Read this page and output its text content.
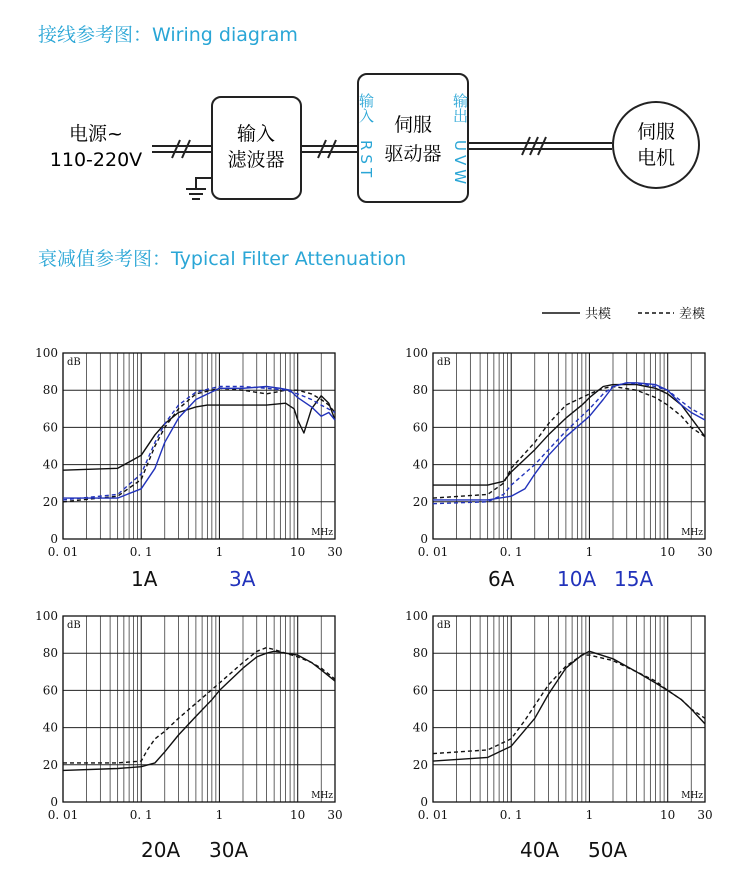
接线参考图：Wiring diagram
衰减值参考图：Typical Filter Attenuation
电源~
110-220V
输入
滤波器
伺服
驱动器
输入
RST
输出
UVW
伺服
电机
共模	差模
0
20
40
60
80
100
0. 01	0. 1	1	10 30
dB
MHz	0
20
40
60
80
100
0. 01	0. 1	1	10 30
dB
MHz
0
20
40
60
80
100
0. 01	0. 1	1	10 30
dB
MHz	0
20
40
60
80
100
0. 01	0. 1	1	10 30
dB
MHz
1A	3A	6A 10A 15A
20A 30A	40A 50A
